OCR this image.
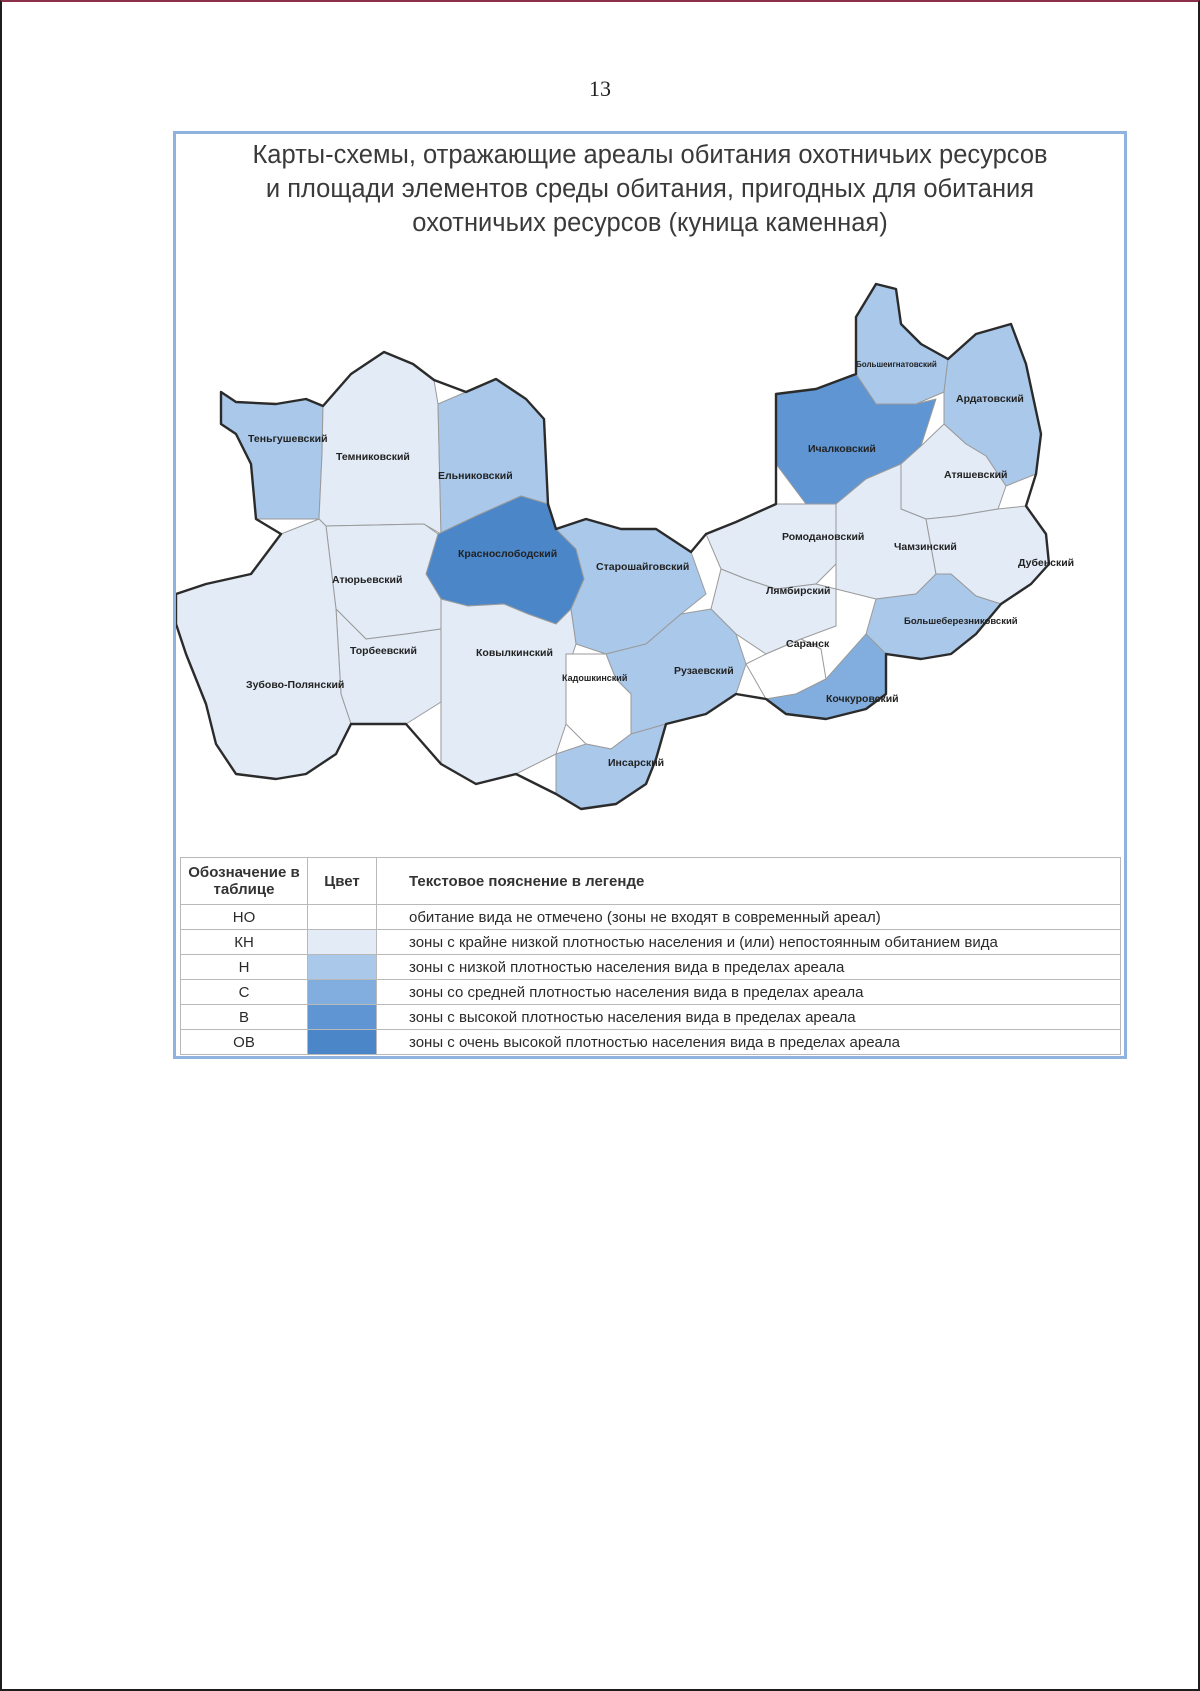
13
Карты-схемы, отражающие ареалы обитания охотничьих ресурсов
и площади элементов среды обитания, пригодных для обитания
охотничьих ресурсов (куница каменная)
Теньгушевский
Темниковский
Ельниковский
Большеигнатовский
Ардатовский
Ичалковский
Атяшевский
Краснослободский
Атюрьевский
Старошайговский
Ромодановский
Чамзинский
Дубенский
Лямбирский
Большеберезниковский
Торбеевский	Ковылкинский
Кадошкинский
Рузаевский
Саранск
Кочкуровский
Зубово-Полянский
Инсарский
Обозначение в таблице	Цвет	Текстовое пояснение в легенде
НО		обитание вида не отмечено (зоны не входят в современный ареал)
КН		зоны с крайне низкой плотностью населения и (или) непостоянным обитанием вида
Н		зоны с низкой плотностью населения вида в пределах ареала
С		зоны со средней плотностью населения вида в пределах ареала
В		зоны с высокой плотностью населения вида в пределах ареала
ОВ		зоны с очень высокой плотностью населения вида в пределах ареала
